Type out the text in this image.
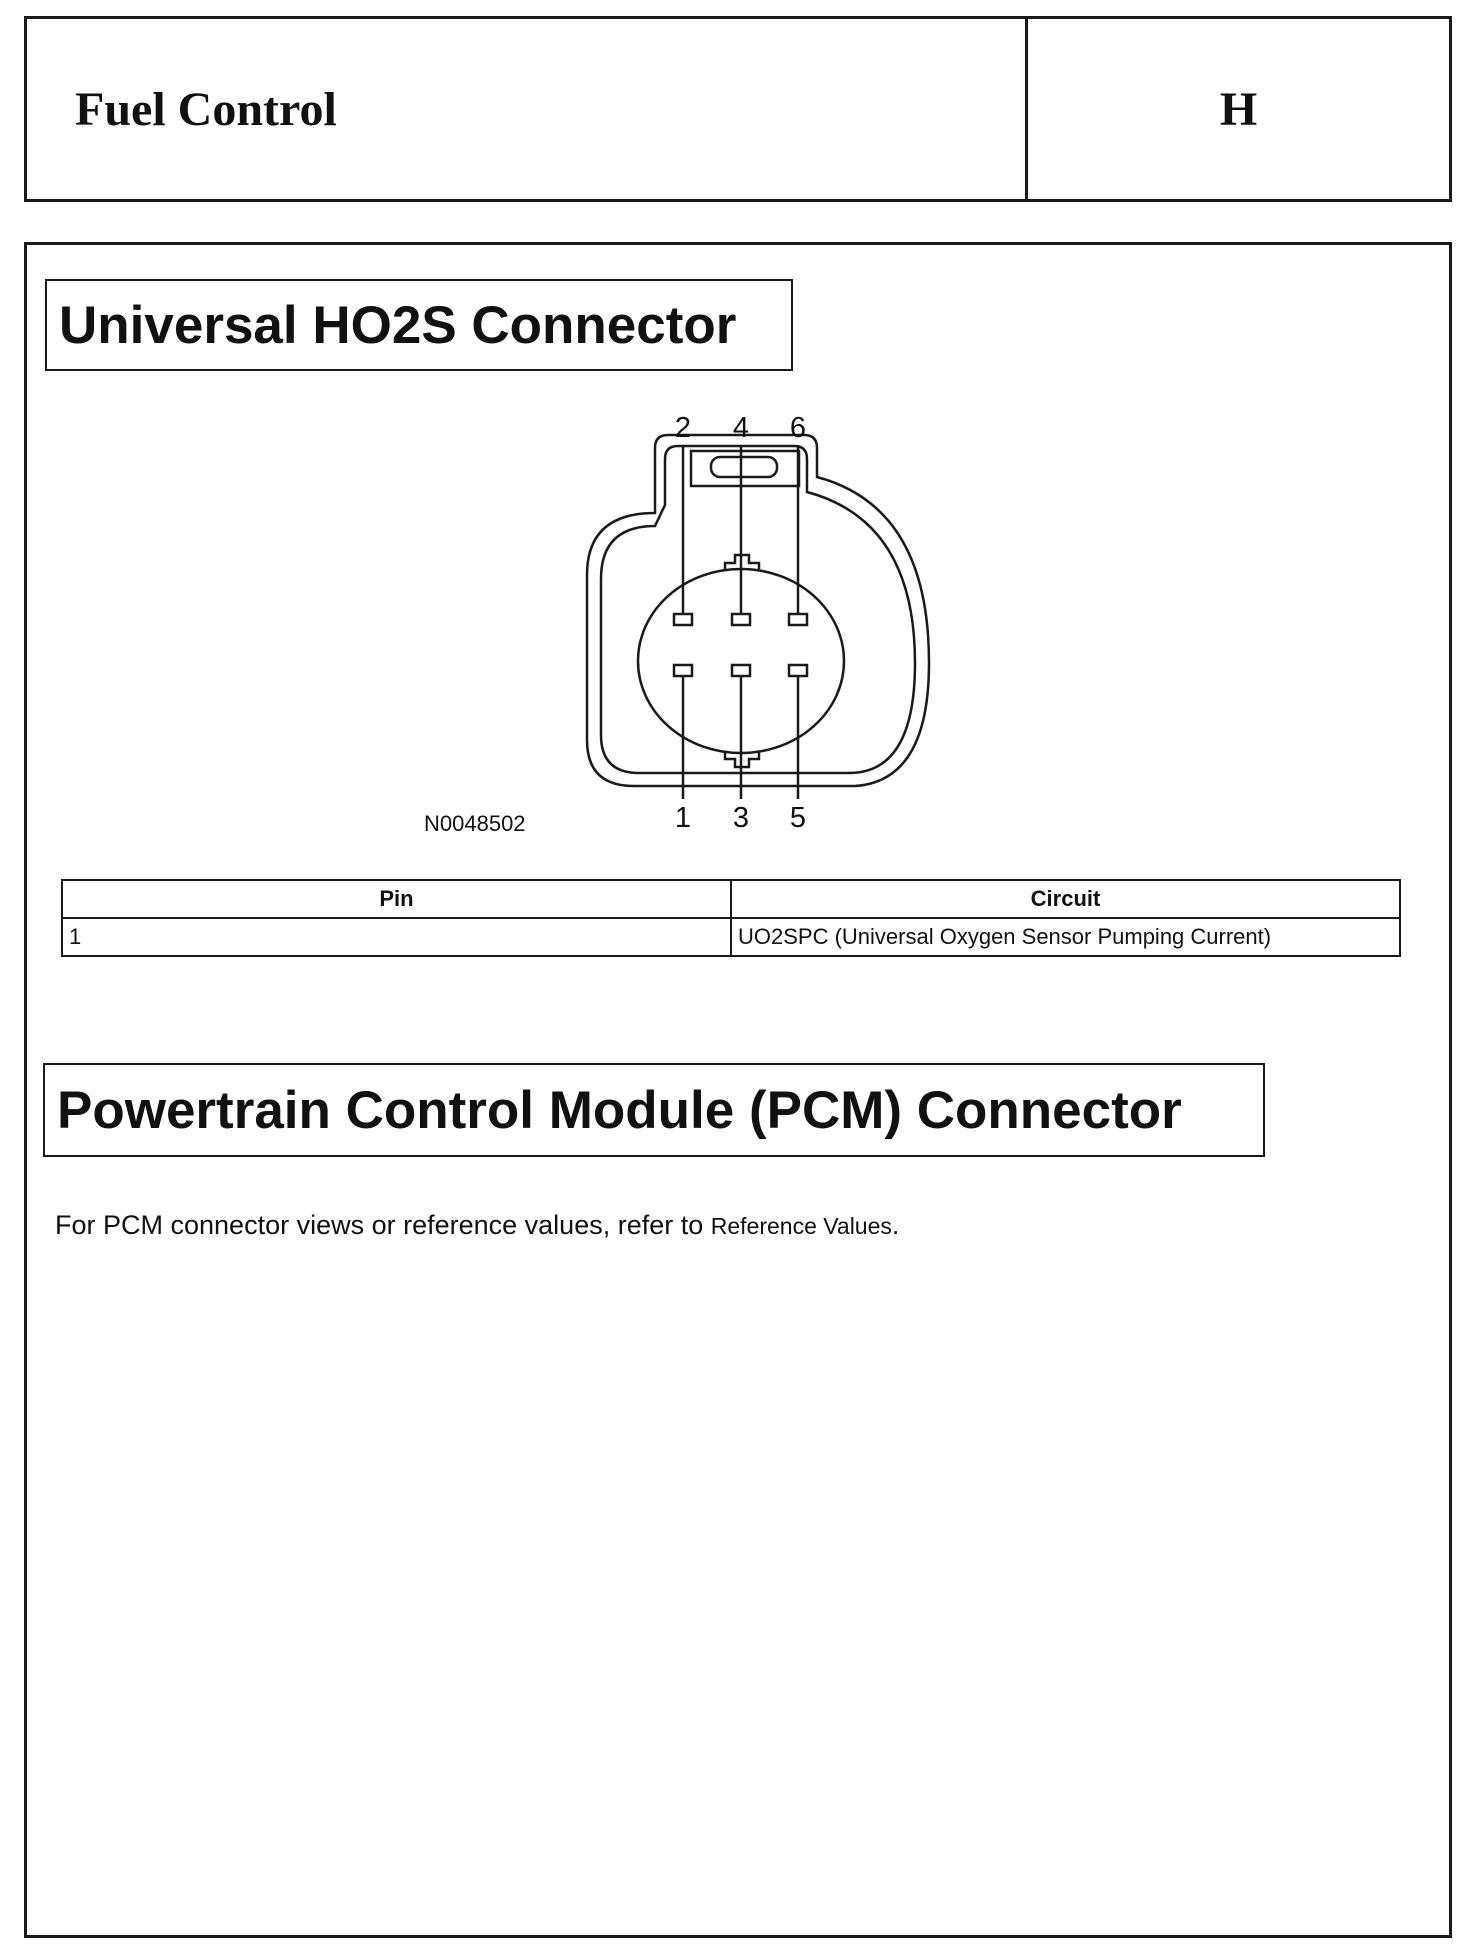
Fuel Control	H
Universal HO2S Connector
2 4 6
1 3 5
N0048502
Pin	Circuit
1	UO2SPC (Universal Oxygen Sensor Pumping Current)
Powertrain Control Module (PCM) Connector
For PCM connector views or reference values, refer to Reference Values.
